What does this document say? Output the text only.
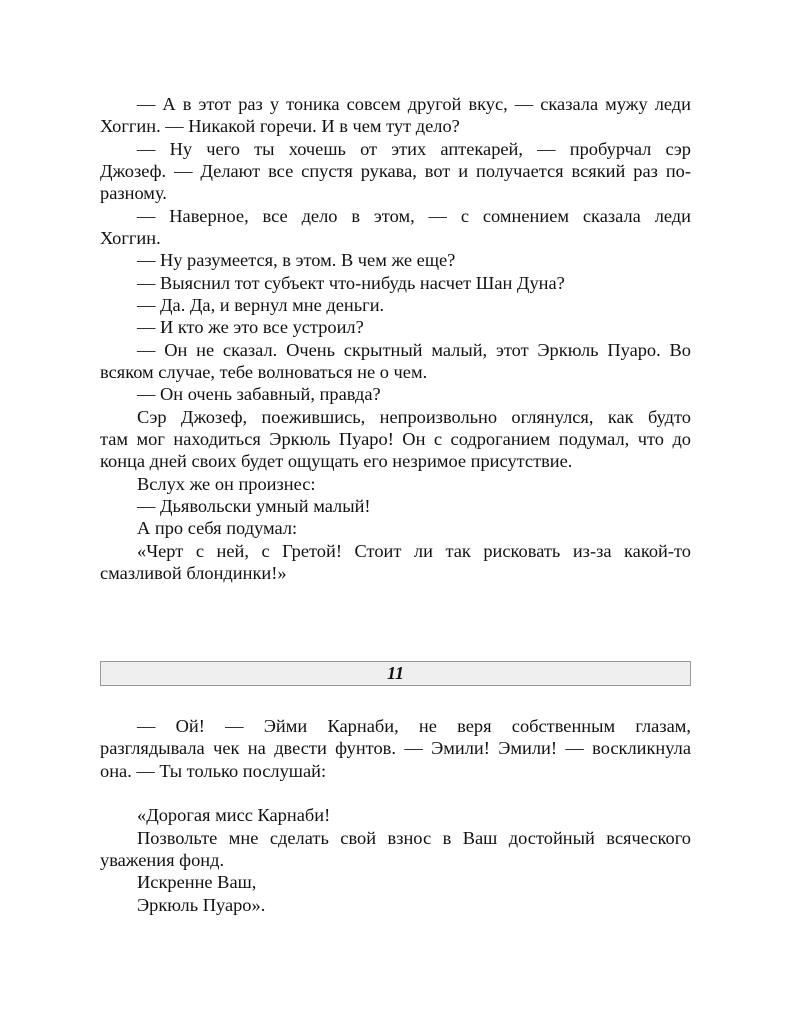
— А в этот раз у тоника совсем другой вкус, — сказала мужу леди
Хоггин. — Никакой горечи. И в чем тут дело?
— Ну чего ты хочешь от этих аптекарей, — пробурчал сэр
Джозеф. — Делают все спустя рукава, вот и получается всякий раз по-
разному.
— Наверное, все дело в этом, — с сомнением сказала леди
Хоггин.
— Ну разумеется, в этом. В чем же еще?
— Выяснил тот субъект что-нибудь насчет Шан Дуна?
— Да. Да, и вернул мне деньги.
— И кто же это все устроил?
— Он не сказал. Очень скрытный малый, этот Эркюль Пуаро. Во
всяком случае, тебе волноваться не о чем.
— Он очень забавный, правда?
Сэр Джозеф, поежившись, непроизвольно оглянулся, как будто
там мог находиться Эркюль Пуаро! Он с содроганием подумал, что до
конца дней своих будет ощущать его незримое присутствие.
Вслух же он произнес:
— Дьявольски умный малый!
А про себя подумал:
«Черт с ней, с Гретой! Стоит ли так рисковать из-за какой-то
смазливой блондинки!»
11
— Ой! — Эйми Карнаби, не веря собственным глазам,
разглядывала чек на двести фунтов. — Эмили! Эмили! — воскликнула
она. — Ты только послушай:
«Дорогая мисс Карнаби!
Позвольте мне сделать свой взнос в Ваш достойный всяческого
уважения фонд.
Искренне Ваш,
Эркюль Пуаро».
